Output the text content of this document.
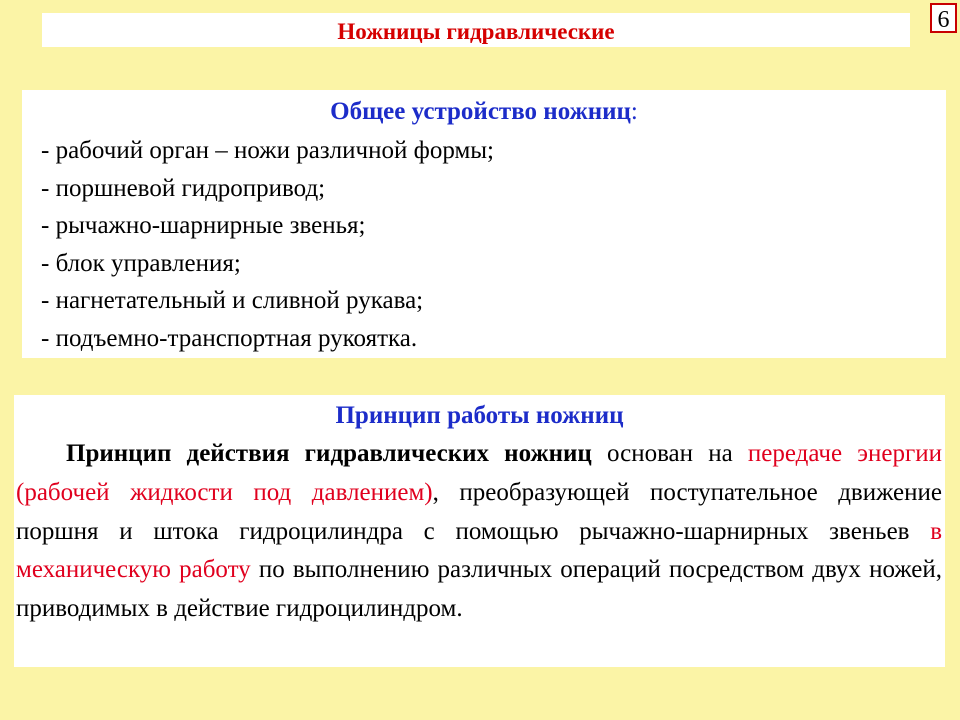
Ножницы гидравлические	6
Общее устройство ножниц:
- рабочий орган – ножи различной формы;
- поршневой гидропривод;
- рычажно-шарнирные звенья;
- блок управления;
- нагнетательный и сливной рукава;
- подъемно-транспортная рукоятка.
Принцип работы ножниц

Принцип действия гидравлических ножниц основан на передаче энергии (рабочей жидкости под давлением), преобразующей поступательное движение поршня и штока гидроцилиндра с помощью рычажно-шарнирных звеньев в механическую работу по выполнению различных операций посредством двух ножей, приводимых в действие гидроцилиндром.
